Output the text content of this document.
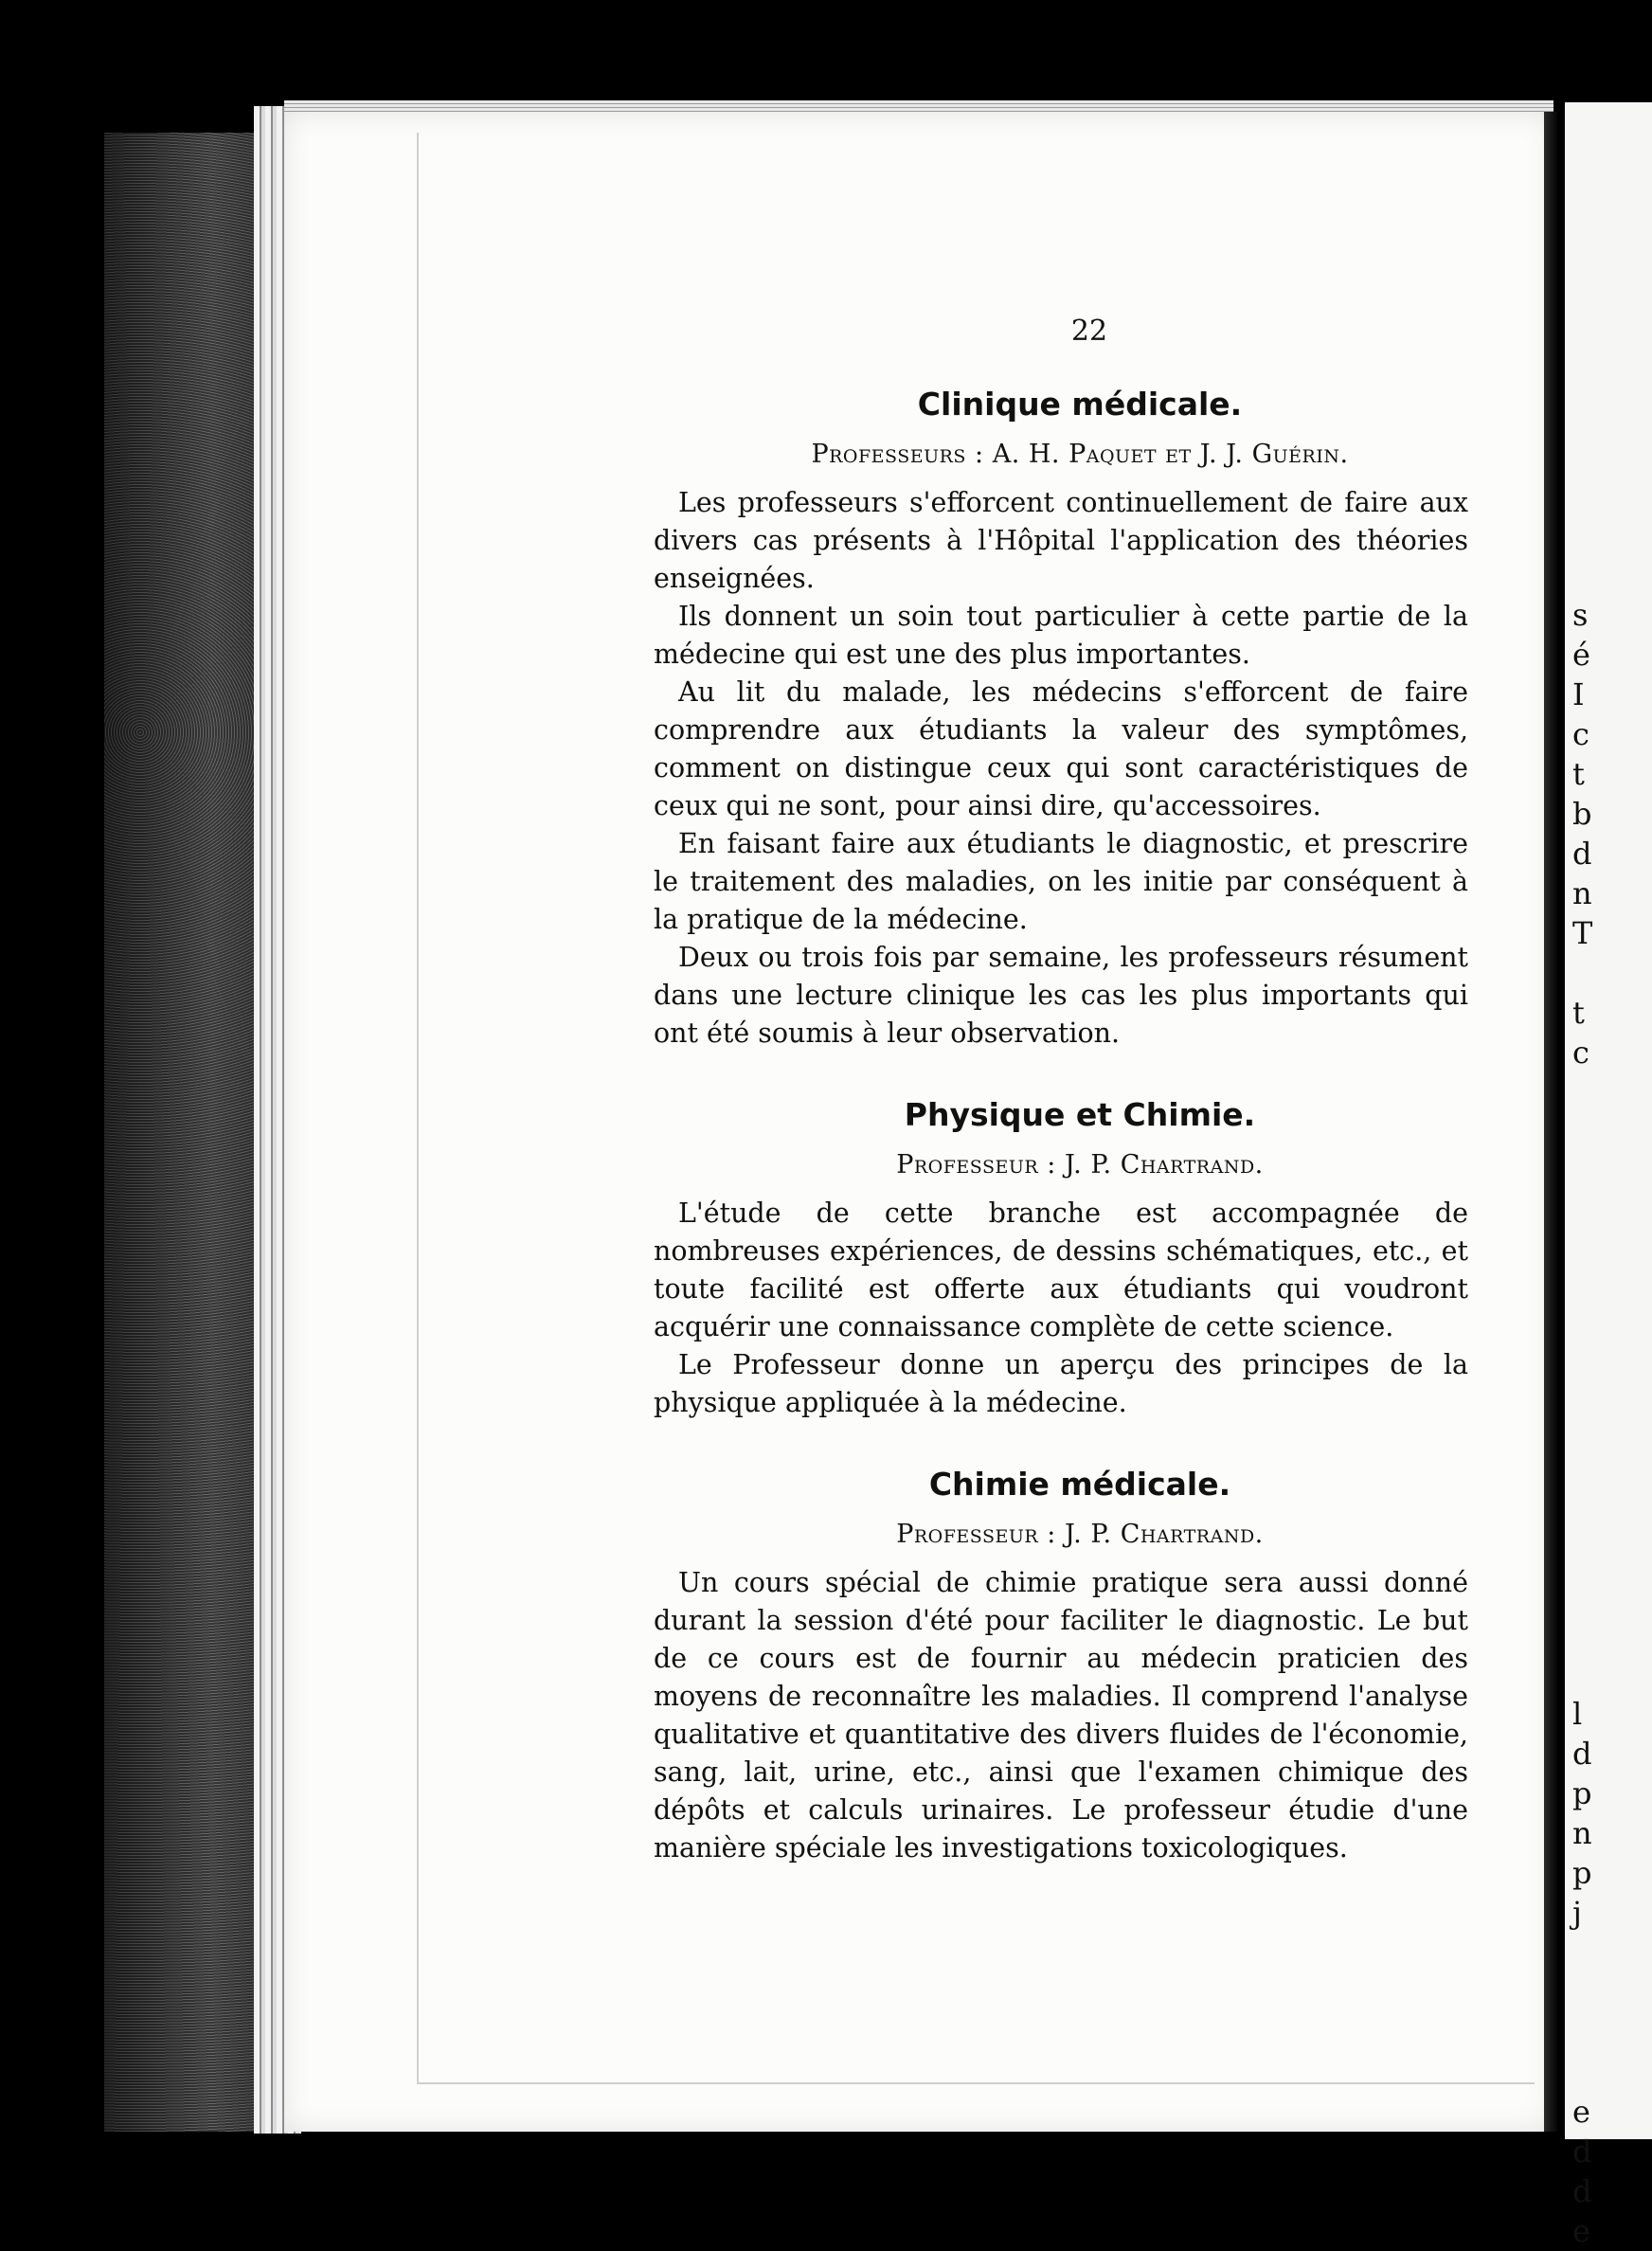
s
é
I
c
t
b
d
n
T

t
c
l
d
p
n
p
j

e
d
d
e
22
Clinique médicale.
Professeurs : A. H. Paquet et J. J. Guérin.

Les professeurs s'efforcent continuellement de faire aux divers cas présents à l'Hôpital l'application des théories enseignées.

Ils donnent un soin tout particulier à cette partie de la médecine qui est une des plus importantes.

Au lit du malade, les médecins s'efforcent de faire comprendre aux étudiants la valeur des symptômes, comment on distingue ceux qui sont caractéristiques de ceux qui ne sont, pour ainsi dire, qu'accessoires.

En faisant faire aux étudiants le diagnostic, et prescrire le traitement des maladies, on les initie par conséquent à la pratique de la médecine.

Deux ou trois fois par semaine, les professeurs résument dans une lecture clinique les cas les plus importants qui ont été soumis à leur observation.

Physique et Chimie.
Professeur : J. P. Chartrand.

L'étude de cette branche est accompagnée de nombreuses expériences, de dessins schématiques, etc., et toute facilité est offerte aux étudiants qui voudront acquérir une connaissance complète de cette science.

Le Professeur donne un aperçu des principes de la physique appliquée à la médecine.

Chimie médicale.
Professeur : J. P. Chartrand.

Un cours spécial de chimie pratique sera aussi donné durant la session d'été pour faciliter le diagnostic. Le but de ce cours est de fournir au médecin praticien des moyens de reconnaître les maladies. Il comprend l'analyse qualitative et quantitative des divers fluides de l'économie, sang, lait, urine, etc., ainsi que l'examen chimique des dépôts et calculs urinaires. Le professeur étudie d'une manière spéciale les investigations toxicologiques.
